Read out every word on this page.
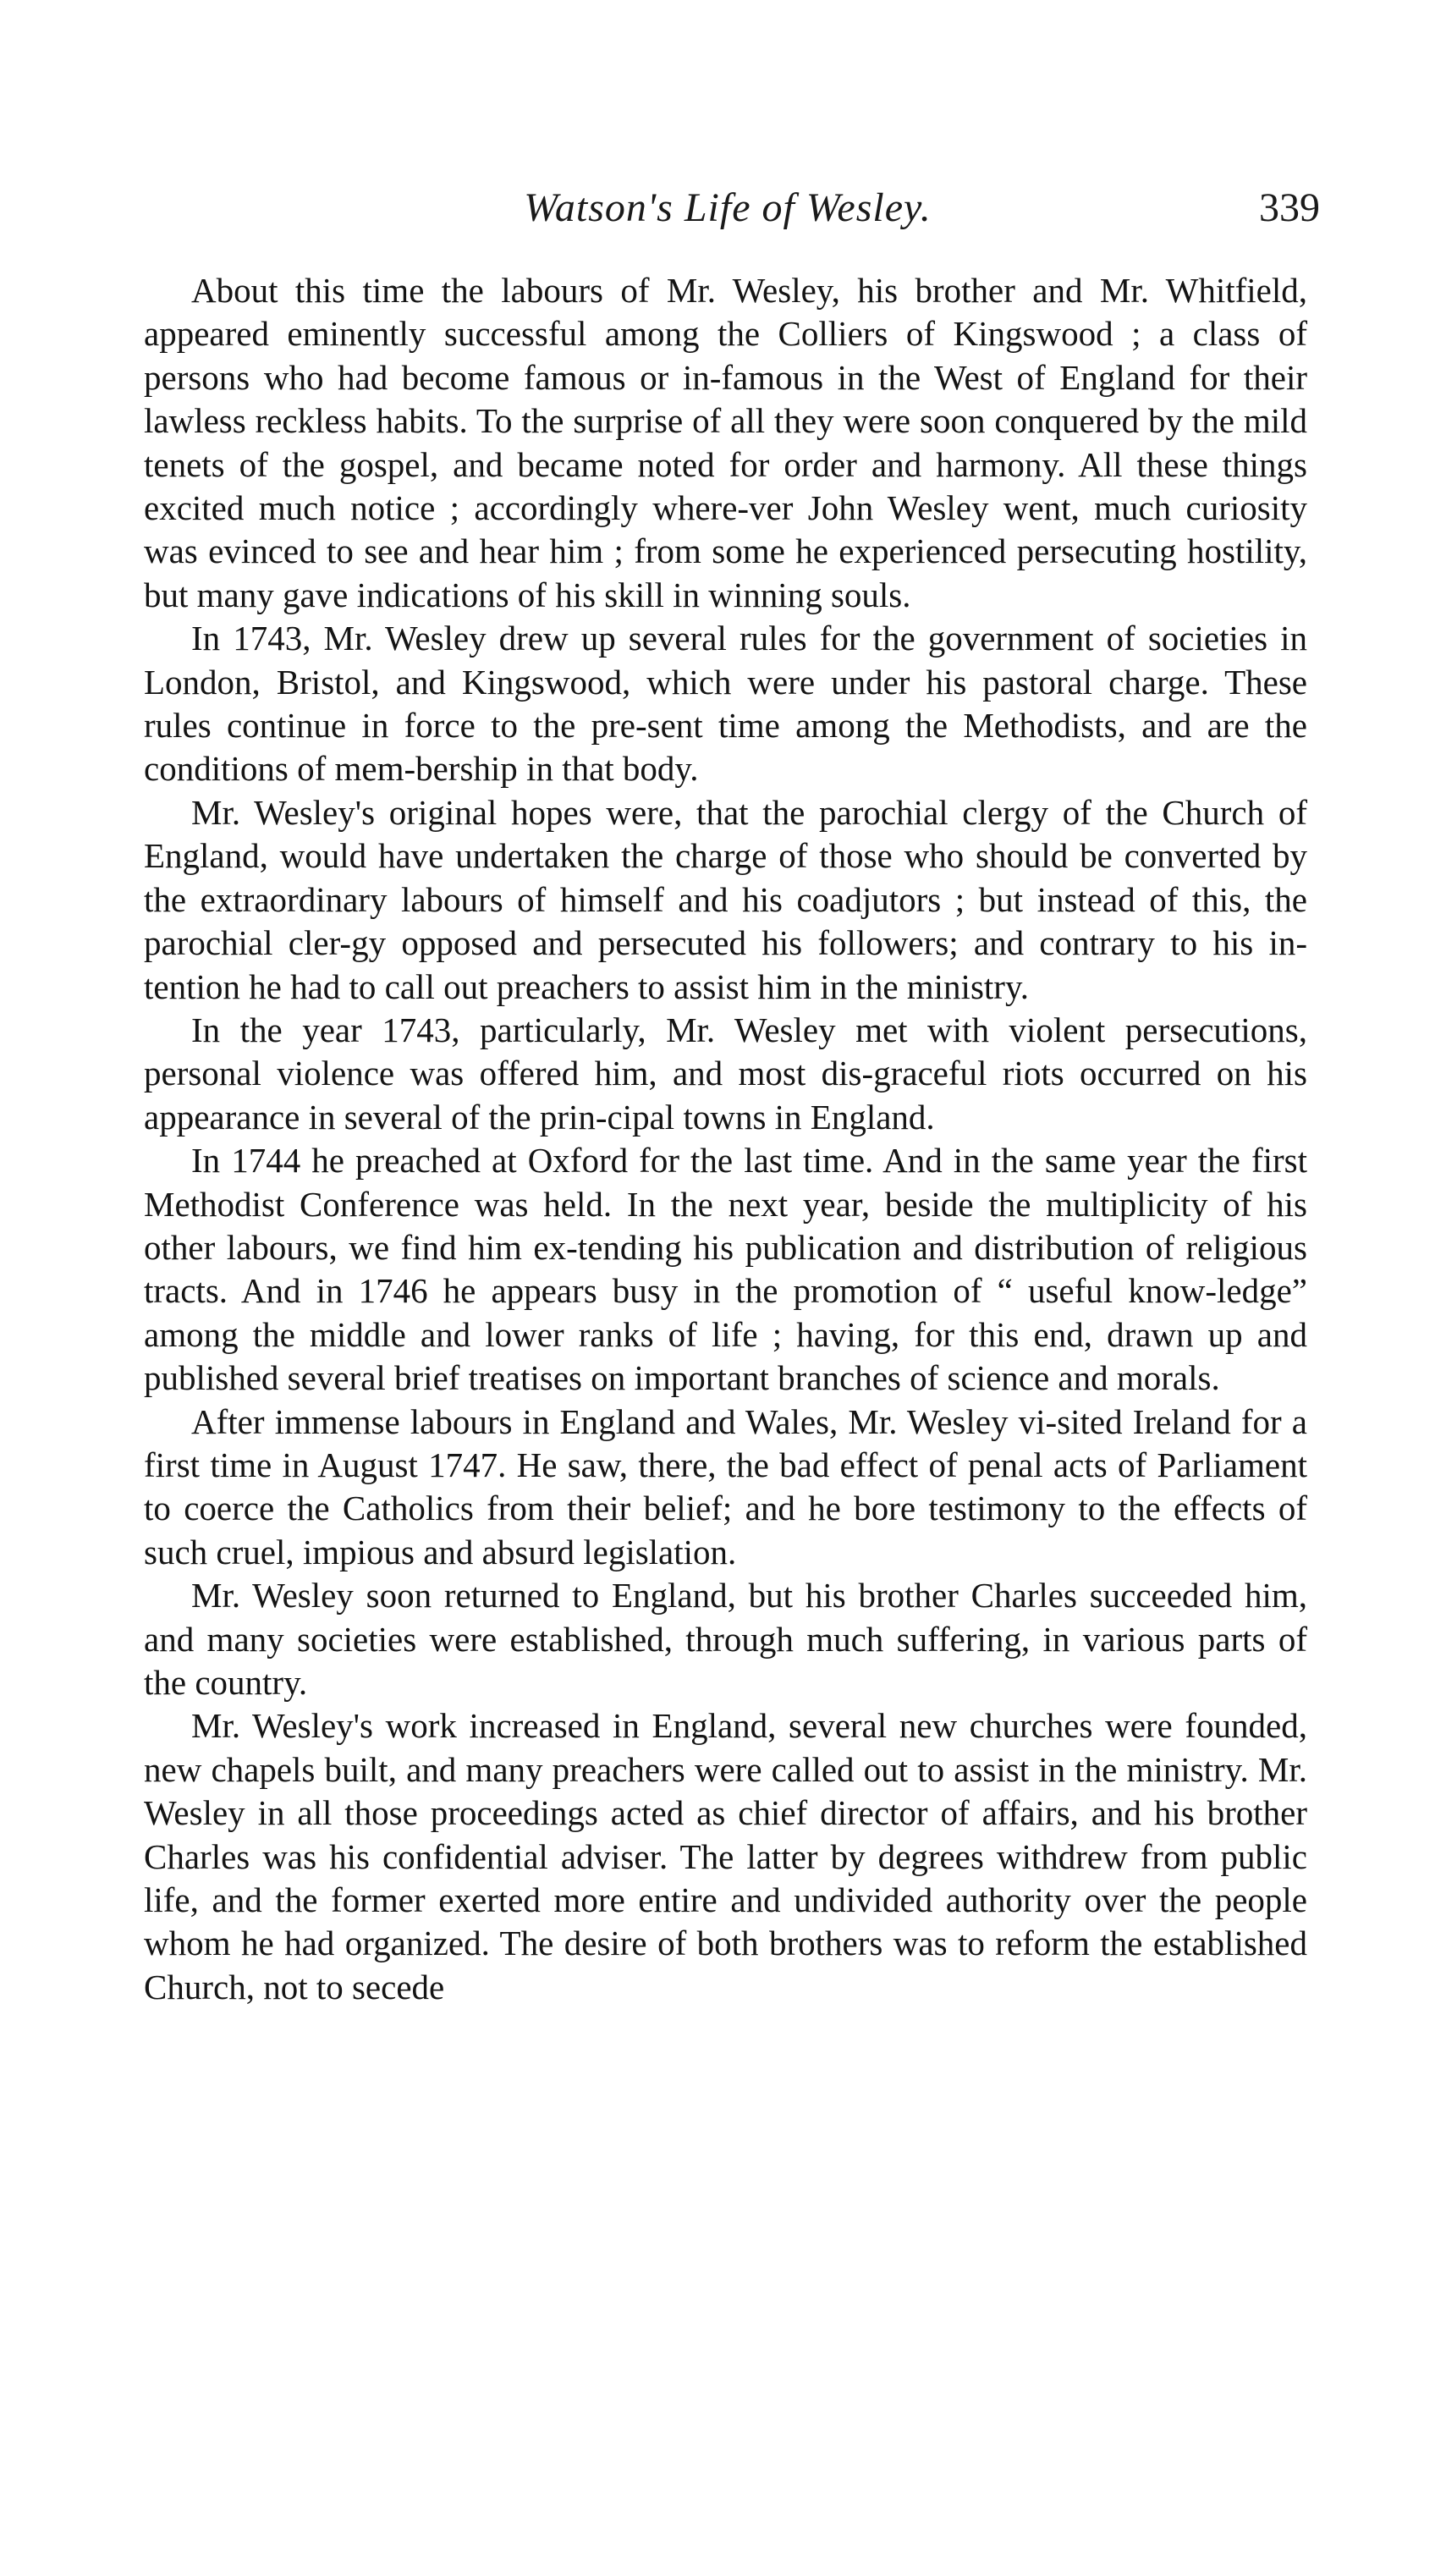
Watson's Life of Wesley.	339

About this time the labours of Mr. Wesley, his brother and Mr. Whitfield, appeared eminently successful among the Colliers of Kingswood ; a class of persons who had become famous or in-famous in the West of England for their lawless reckless habits. To the surprise of all they were soon conquered by the mild tenets of the gospel, and became noted for order and harmony. All these things excited much notice ; accordingly where-ver John Wesley went, much curiosity was evinced to see and hear him ; from some he experienced persecuting hostility, but many gave indications of his skill in winning souls.

In 1743, Mr. Wesley drew up several rules for the government of societies in London, Bristol, and Kingswood, which were under his pastoral charge. These rules continue in force to the pre-sent time among the Methodists, and are the conditions of mem-bership in that body.

Mr. Wesley's original hopes were, that the parochial clergy of the Church of England, would have undertaken the charge of those who should be converted by the extraordinary labours of himself and his coadjutors ; but instead of this, the parochial cler-gy opposed and persecuted his followers; and contrary to his in-tention he had to call out preachers to assist him in the ministry.

In the year 1743, particularly, Mr. Wesley met with violent persecutions, personal violence was offered him, and most dis-graceful riots occurred on his appearance in several of the prin-cipal towns in England.

In 1744 he preached at Oxford for the last time. And in the same year the first Methodist Conference was held. In the next year, beside the multiplicity of his other labours, we find him ex-tending his publication and distribution of religious tracts. And in 1746 he appears busy in the promotion of “ useful know-ledge” among the middle and lower ranks of life ; having, for this end, drawn up and published several brief treatises on important branches of science and morals.

After immense labours in England and Wales, Mr. Wesley vi-sited Ireland for a first time in August 1747. He saw, there, the bad effect of penal acts of Parliament to coerce the Catholics from their belief; and he bore testimony to the effects of such cruel, impious and absurd legislation.

Mr. Wesley soon returned to England, but his brother Charles succeeded him, and many societies were established, through much suffering, in various parts of the country.

Mr. Wesley's work increased in England, several new churches were founded, new chapels built, and many preachers were called out to assist in the ministry. Mr. Wesley in all those proceedings acted as chief director of affairs, and his brother Charles was his confidential adviser. The latter by degrees withdrew from public life, and the former exerted more entire and undivided authority over the people whom he had organized. The desire of both brothers was to reform the established Church, not to secede
